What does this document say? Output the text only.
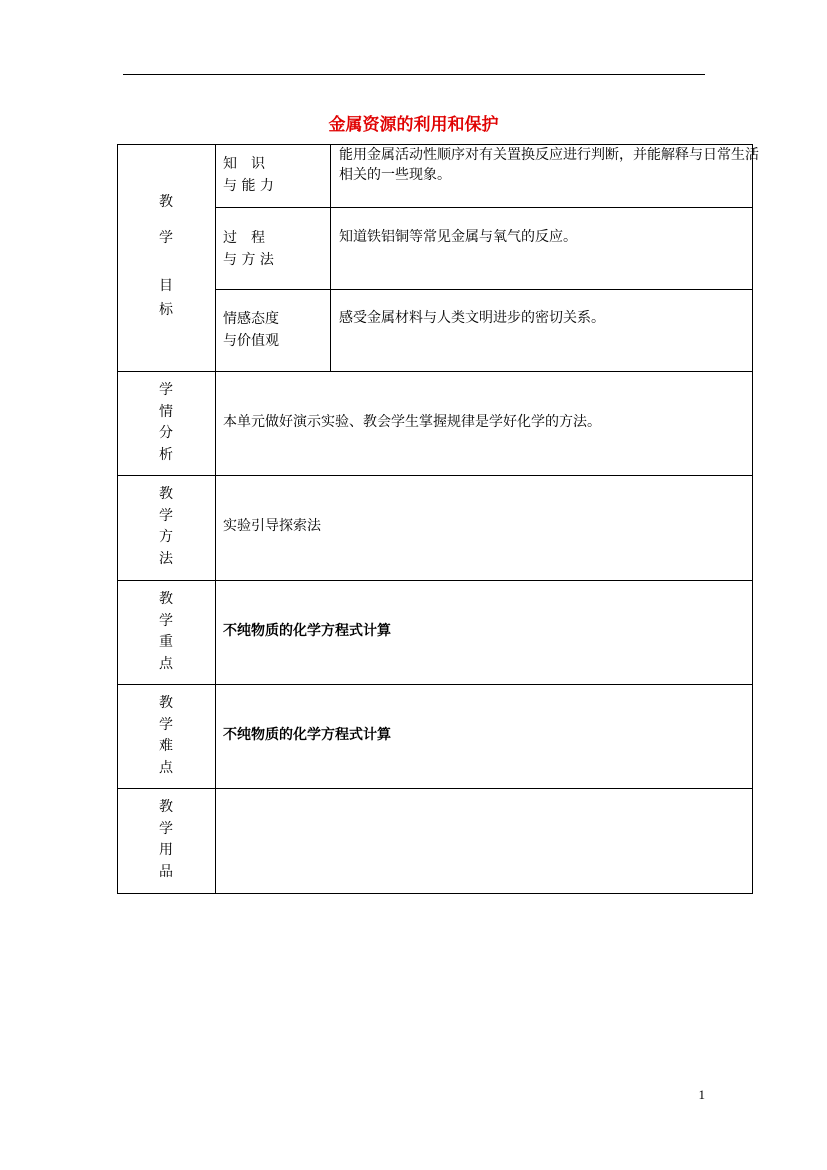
金属资源的利用和保护
教
学
目
标
知　识
与 能 力
能用金属活动性顺序对有关置换反应进行判断，并能解释与日常生活
相关的一些现象。
过　程
与 方 法
知道铁铝铜等常见金属与氧气的反应。
情感态度
与价值观
感受金属材料与人类文明进步的密切关系。
学
情
分
析
本单元做好演示实验、教会学生掌握规律是学好化学的方法。
教
学
方
法
实验引导探索法
教
学
重
点
不纯物质的化学方程式计算
教
学
难
点
不纯物质的化学方程式计算
教
学
用
品
1
